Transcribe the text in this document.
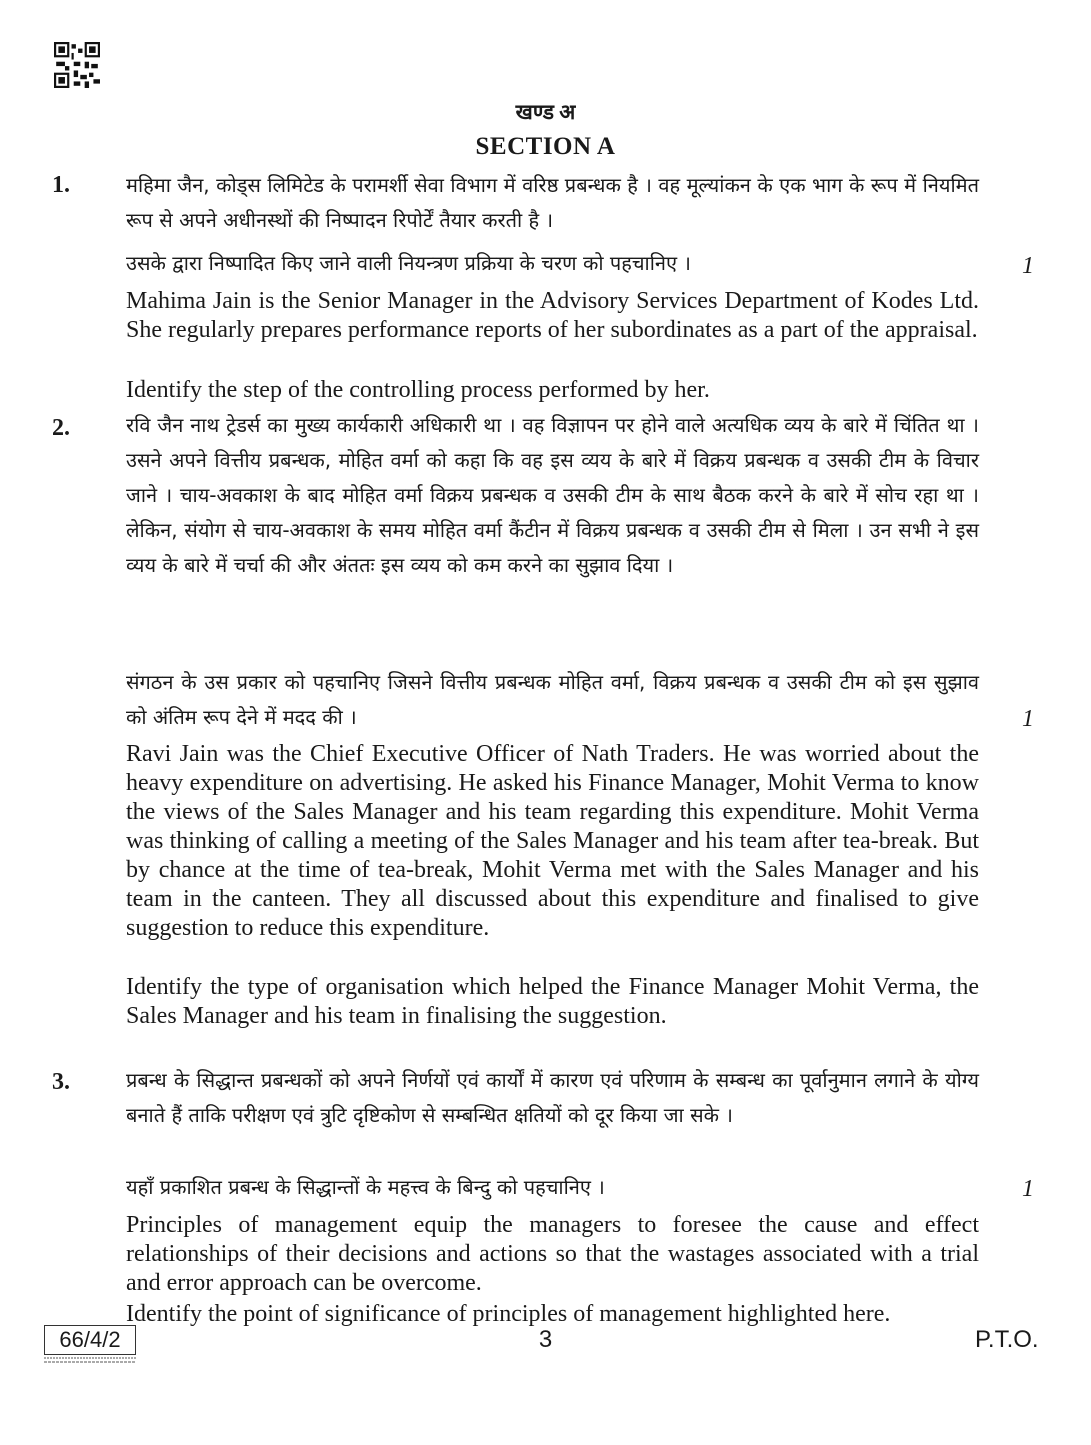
खण्ड अ
SECTION A
1.	महिमा जैन, कोड्स लिमिटेड के परामर्शी सेवा विभाग में वरिष्ठ प्रबन्धक है । वह मूल्यांकन के एक भाग के रूप में नियमित रूप से अपने अधीनस्थों की निष्पादन रिपोर्टें तैयार करती है ।
उसके द्वारा निष्पादित किए जाने वाली नियन्त्रण प्रक्रिया के चरण को पहचानिए ।	1
Mahima Jain is the Senior Manager in the Advisory Services Department of Kodes Ltd. She regularly prepares performance reports of her subordinates as a part of the appraisal.
Identify the step of the controlling process performed by her.
2.	रवि जैन नाथ ट्रेडर्स का मुख्य कार्यकारी अधिकारी था । वह विज्ञापन पर होने वाले अत्यधिक व्यय के बारे में चिंतित था । उसने अपने वित्तीय प्रबन्धक, मोहित वर्मा को कहा कि वह इस व्यय के बारे में विक्रय प्रबन्धक व उसकी टीम के विचार जाने । चाय-अवकाश के बाद मोहित वर्मा विक्रय प्रबन्धक व उसकी टीम के साथ बैठक करने के बारे में सोच रहा था । लेकिन, संयोग से चाय-अवकाश के समय मोहित वर्मा कैंटीन में विक्रय प्रबन्धक व उसकी टीम से मिला । उन सभी ने इस व्यय के बारे में चर्चा की और अंततः इस व्यय को कम करने का सुझाव दिया ।
संगठन के उस प्रकार को पहचानिए जिसने वित्तीय प्रबन्धक मोहित वर्मा, विक्रय प्रबन्धक व उसकी टीम को इस सुझाव को अंतिम रूप देने में मदद की ।	1
Ravi Jain was the Chief Executive Officer of Nath Traders. He was worried about the heavy expenditure on advertising. He asked his Finance Manager, Mohit Verma to know the views of the Sales Manager and his team regarding this expenditure. Mohit Verma was thinking of calling a meeting of the Sales Manager and his team after tea-break. But by chance at the time of tea-break, Mohit Verma met with the Sales Manager and his team in the canteen. They all discussed about this expenditure and finalised to give suggestion to reduce this expenditure.
Identify the type of organisation which helped the Finance Manager Mohit Verma, the Sales Manager and his team in finalising the suggestion.
3.	प्रबन्ध के सिद्धान्त प्रबन्धकों को अपने निर्णयों एवं कार्यों में कारण एवं परिणाम के सम्बन्ध का पूर्वानुमान लगाने के योग्य बनाते हैं ताकि परीक्षण एवं त्रुटि दृष्टिकोण से सम्बन्धित क्षतियों को दूर किया जा सके ।
यहाँ प्रकाशित प्रबन्ध के सिद्धान्तों के महत्त्व के बिन्दु को पहचानिए ।	1
Principles of management equip the managers to foresee the cause and effect relationships of their decisions and actions so that the wastages associated with a trial and error approach can be overcome.
Identify the point of significance of principles of management highlighted here.
66/4/2	3	P.T.O.
